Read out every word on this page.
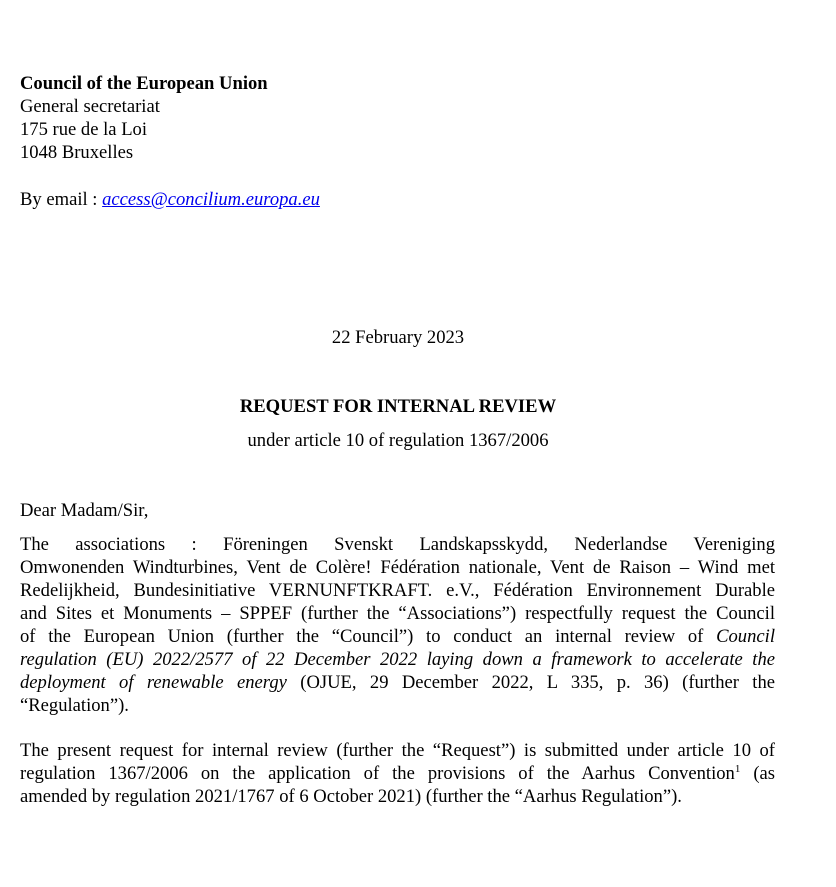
Council of the European Union
General secretariat
175 rue de la Loi
1048 Bruxelles
By email : access@concilium.europa.eu
22 February 2023
REQUEST FOR INTERNAL REVIEW
under article 10 of regulation 1367/2006
Dear Madam/Sir,
The associations : Föreningen Svenskt Landskapsskydd, Nederlandse Vereniging
Omwonenden Windturbines, Vent de Colère! Fédération nationale, Vent de Raison – Wind met
Redelijkheid, Bundesinitiative VERNUNFTKRAFT. e.V., Fédération Environnement Durable
and Sites et Monuments – SPPEF (further the “Associations”) respectfully request the Council
of the European Union (further the “Council”) to conduct an internal review of Council
regulation (EU) 2022/2577 of 22 December 2022 laying down a framework to accelerate the
deployment of renewable energy (OJUE, 29 December 2022, L 335, p. 36) (further the
“Regulation”).
The present request for internal review (further the “Request”) is submitted under article 10 of
regulation 1367/2006 on the application of the provisions of the Aarhus Convention$^1$ (as
amended by regulation 2021/1767 of 6 October 2021) (further the “Aarhus Regulation”).
